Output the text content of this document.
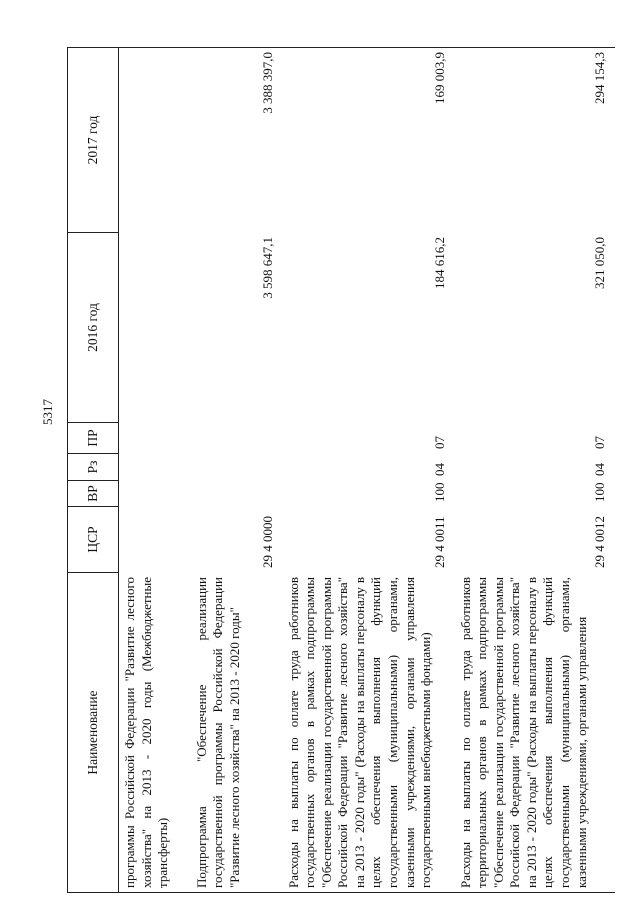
5317
Наименование	ЦСР	ВР	Рз	ПР	2016 год	2017 год
программы Российской Федерации "Развитие лесного хозяйства" на 2013 - 2020 годы (Межбюджетные трансферты)						
Подпрограмма "Обеспечение реализации государственной программы Российской Федерации "Развитие лесного хозяйства" на 2013 - 2020 годы"	29 4 0000				3 598 647,1	3 388 397,0
Расходы на выплаты по оплате труда работников государственных органов в рамках подпрограммы "Обеспечение реализации государственной программы Российской Федерации "Развитие лесного хозяйства" на 2013 - 2020 годы" (Расходы на выплаты персоналу в целях обеспечения выполнения функций государственными (муниципальными) органами, казенными учреждениями, органами управления государственными внебюджетными фондами)	29 4 0011	100	04	07	184 616,2	169 003,9
Расходы на выплаты по оплате труда работников территориальных органов в рамках подпрограммы "Обеспечение реализации государственной программы Российской Федерации "Развитие лесного хозяйства" на 2013 - 2020 годы" (Расходы на выплаты персоналу в целях обеспечения выполнения функций государственными (муниципальными) органами, казенными учреждениями, органами управления	29 4 0012	100	04	07	321 050,0	294 154,3
